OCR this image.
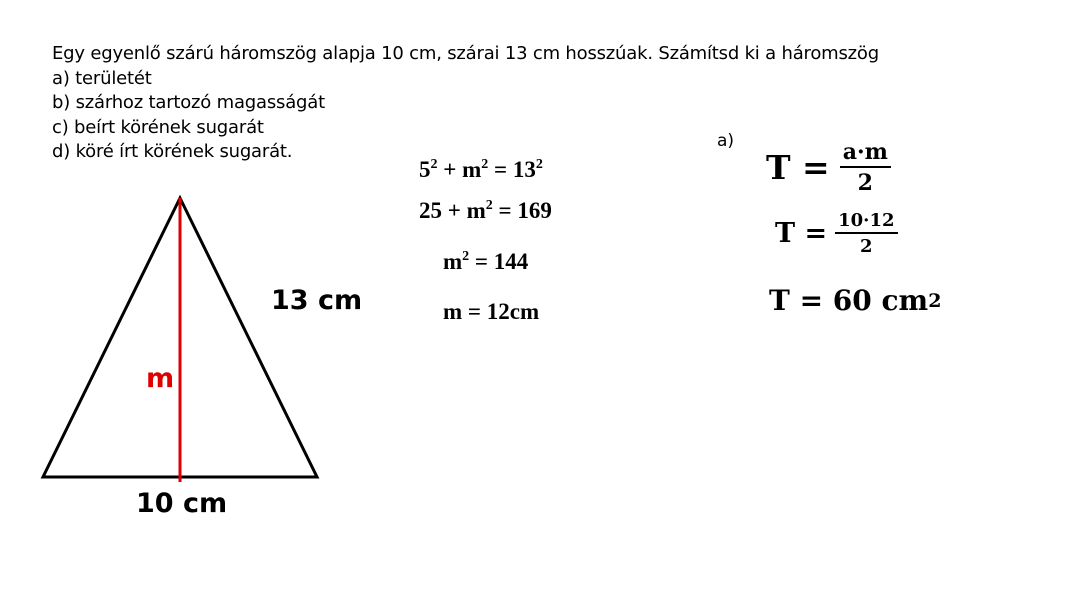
Egy egyenlő szárú háromszög alapja 10 cm, szárai 13 cm hosszúak. Számítsd ki a háromszög
a) területét
b) szárhoz tartozó magasságát
c) beírt körének sugarát
d) köré írt körének sugarát.
13 cm
m
10 cm
$5^2 + m^2 = 13^2$
$25 + m^2 = 169$
$m^2 = 144$
m = 12cm
a)
$T = \frac{a\cdot m}{2}$
$T = \frac{10\cdot 12}{2}$
T = 60 cm 2
